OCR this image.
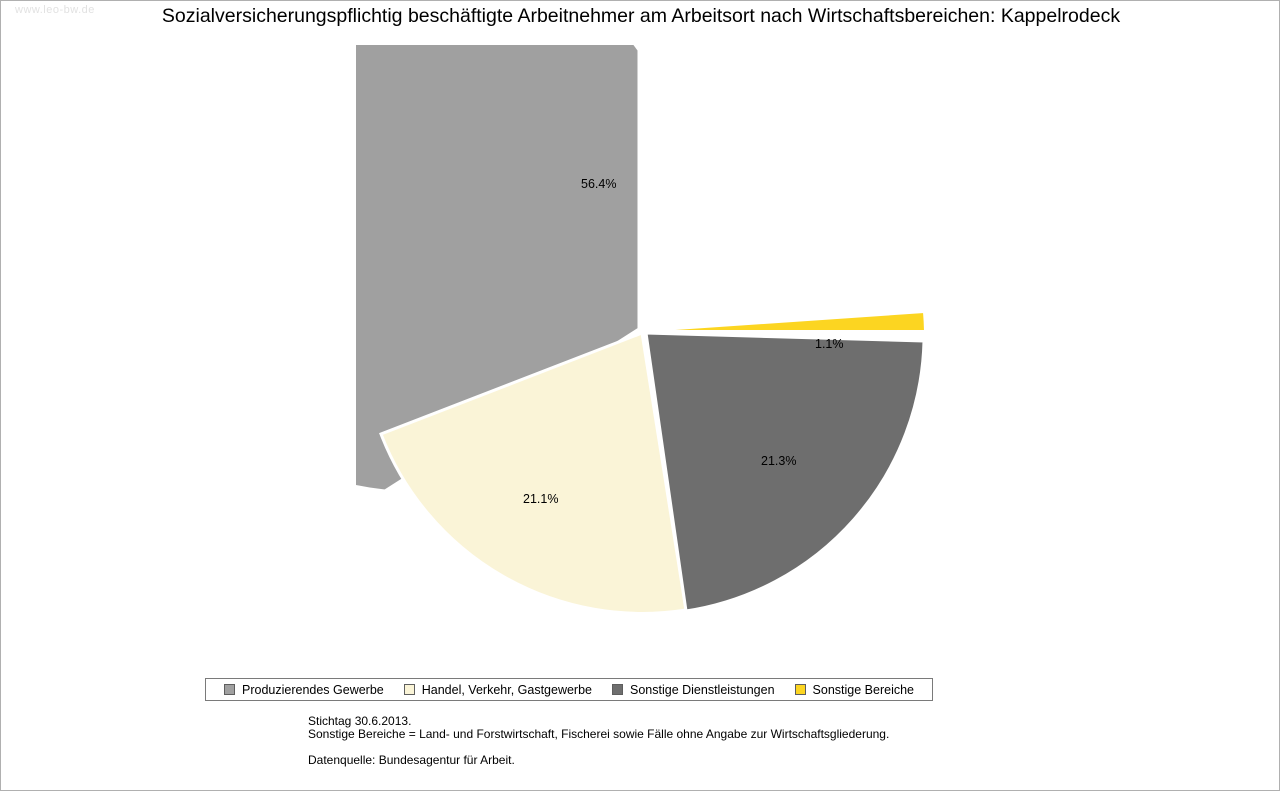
www.leo-bw.de	Sozialversicherungspflichtig beschäftigte Arbeitnehmer am Arbeitsort nach Wirtschaftsbereichen: Kappelrodeck
56.4%
21.1%
21.3%
1.1%
Produzierendes Gewerbe	Handel, Verkehr, Gastgewerbe	Sonstige Dienstleistungen	Sonstige Bereiche
Stichtag 30.6.2013.
Sonstige Bereiche = Land- und Forstwirtschaft, Fischerei sowie Fälle ohne Angabe zur Wirtschaftsgliederung.
Datenquelle: Bundesagentur für Arbeit.
